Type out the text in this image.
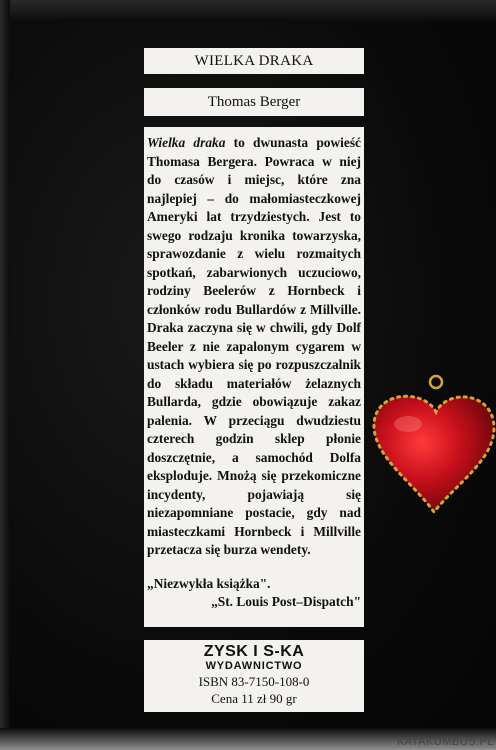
WIELKA DRAKA
Thomas Berger

Wielka draka to dwunasta powieść Thomasa Bergera. Powraca w niej do czasów i miejsc, które zna najlepiej – do małomiasteczkowej Ameryki lat trzydziestych. Jest to swego rodzaju kronika towarzyska, sprawozdanie z wielu rozmaitych spotkań, zabarwionych uczuciowo, rodziny Beelerów z Hornbeck i członków rodu Bullardów z Millville. Draka zaczyna się w chwili, gdy Dolf Beeler z nie zapalonym cygarem w ustach wybiera się po rozpuszczalnik do składu materiałów żelaznych Bullarda, gdzie obowiązuje zakaz palenia. W przeciągu dwudziestu czterech godzin sklep płonie doszczętnie, a samochód Dolfa eksploduje. Mnożą się przekomiczne incydenty, pojawiają się niezapomniane postacie, gdy nad miasteczkami Hornbeck i Millville przetacza się burza wendety.

„Niezwykła książka".
„St. Louis Post–Dispatch"
ZYSK I S-KA
WYDAWNICTWO
ISBN 83-7150-108-0
Cena 11 zł 90 gr
KATAKUMBUS.PL
